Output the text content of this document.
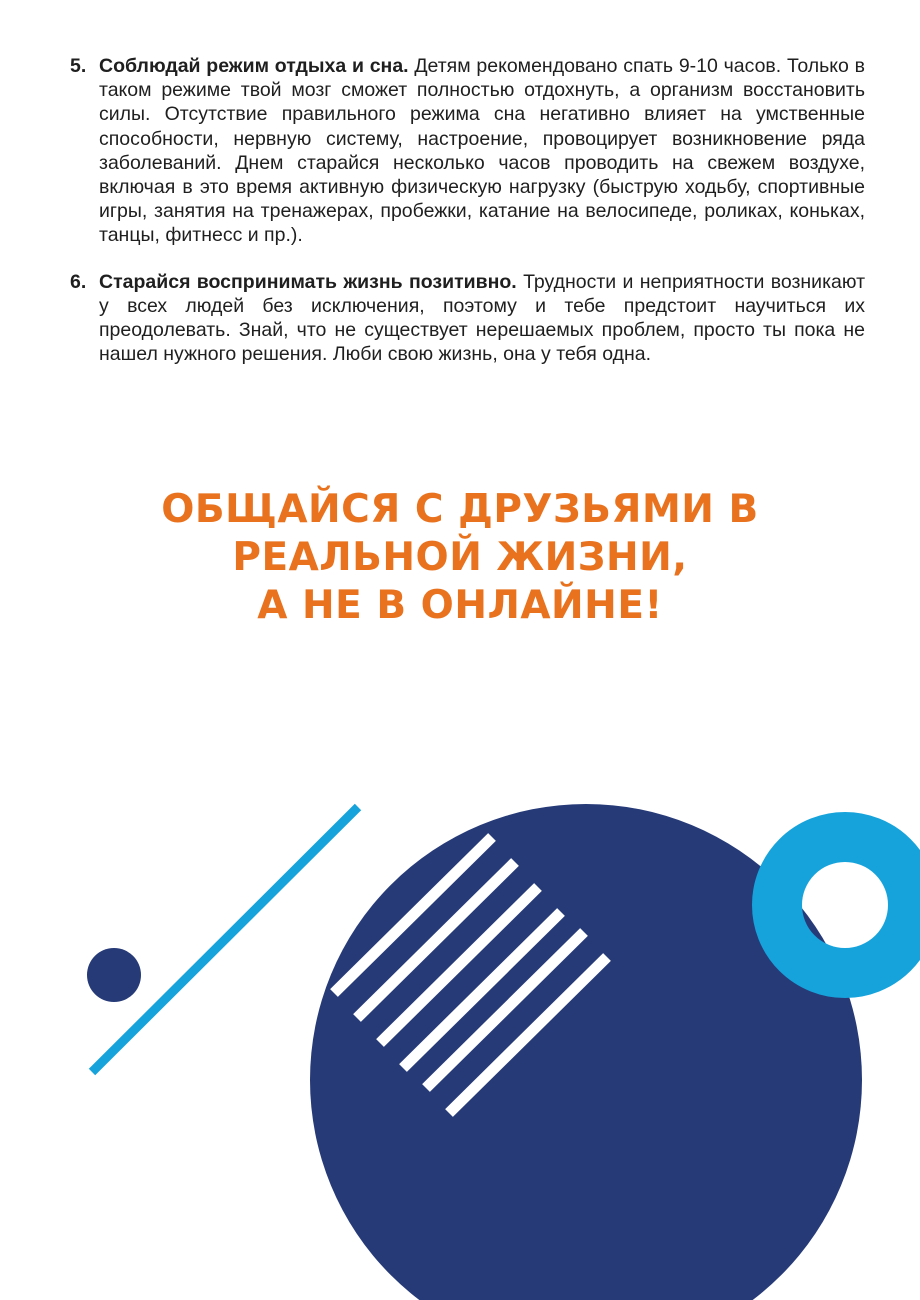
5. Соблюдай режим отдыха и сна. Детям рекомендовано спать 9-10 часов. Только в таком режиме твой мозг сможет полностью отдохнуть, а организм восстановить силы. Отсутствие правильного режима сна негативно влияет на умственные способности, нервную систему, настроение, провоцирует возникновение ряда заболеваний. Днем старайся несколько часов проводить на свежем воздухе, включая в это время активную физическую нагрузку (быструю ходьбу, спортивные игры, занятия на тренажерах, пробежки, катание на велосипеде, роликах, коньках, танцы, фитнесс и пр.).
6. Старайся воспринимать жизнь позитивно. Трудности и неприятности возникают у всех людей без исключения, поэтому и тебе предстоит научиться их преодолевать. Знай, что не существует нерешаемых проблем, просто ты пока не нашел нужного решения. Люби свою жизнь, она у тебя одна.
ОБЩАЙСЯ С ДРУЗЬЯМИ В
РЕАЛЬНОЙ ЖИЗНИ,
А НЕ В ОНЛАЙНЕ!
